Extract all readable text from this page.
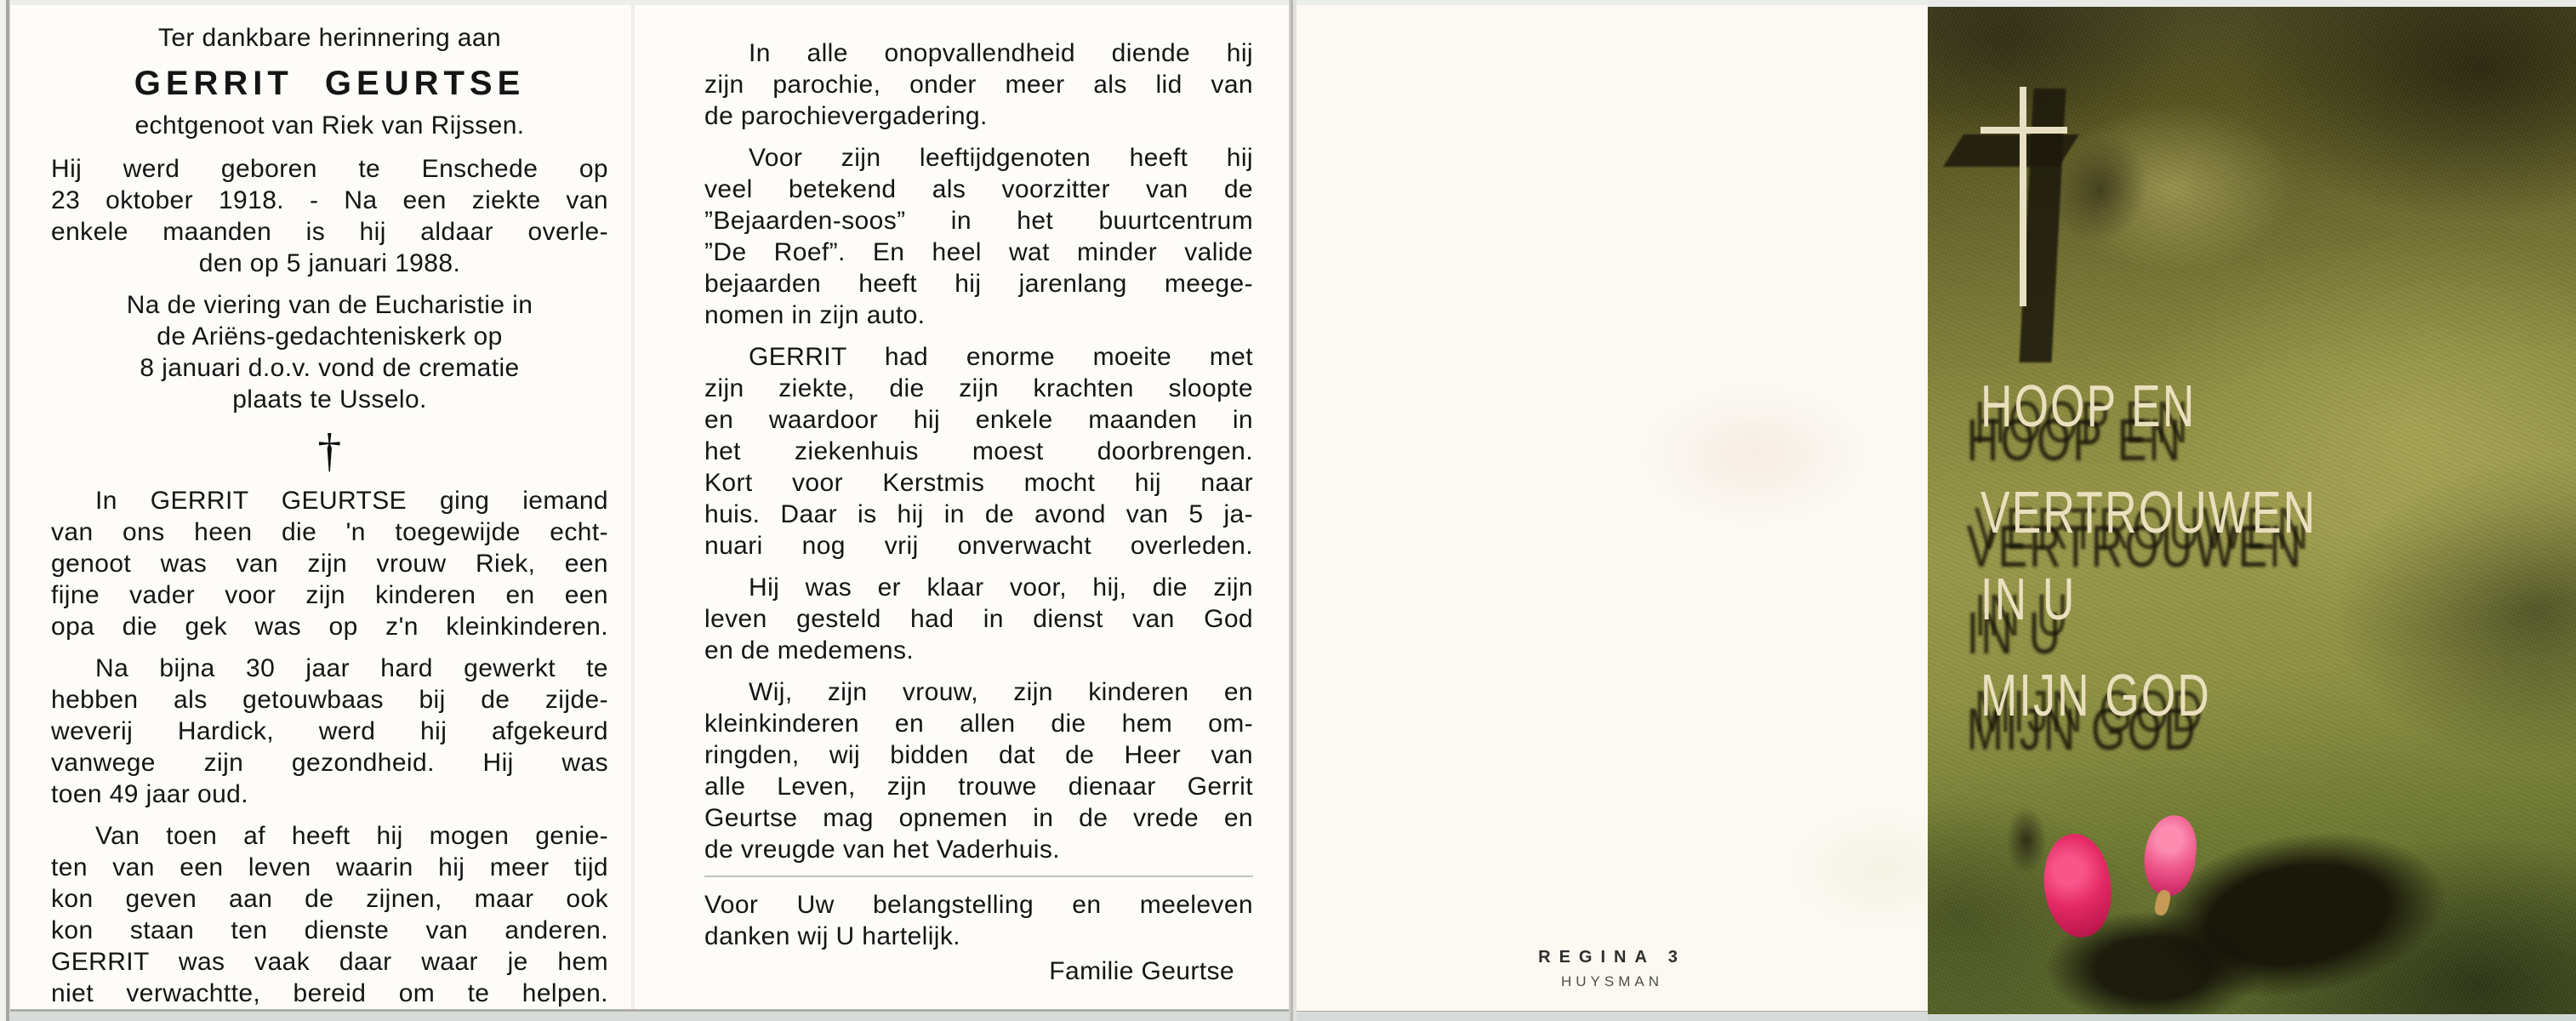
Ter dankbare herinnering aan
GERRIT GEURTSE
echtgenoot van Riek van Rijssen.
Hij werd geboren te Enschede op
23 oktober 1918. - Na een ziekte van
enkele maanden is hij aldaar overle-
den op 5 januari 1988.
Na de viering van de Eucharistie in
de Ariëns-gedachteniskerk op
8 januari d.o.v. vond de crematie
plaats te Usselo.
†
In GERRIT GEURTSE ging iemand
van ons heen die 'n toegewijde echt-
genoot was van zijn vrouw Riek, een
fijne vader voor zijn kinderen en een
opa die gek was op z'n kleinkinderen.
Na bijna 30 jaar hard gewerkt te
hebben als getouwbaas bij de zijde-
weverij Hardick, werd hij afgekeurd
vanwege zijn gezondheid. Hij was
toen 49 jaar oud.
Van toen af heeft hij mogen genie-
ten van een leven waarin hij meer tijd
kon geven aan de zijnen, maar ook
kon staan ten dienste van anderen.
GERRIT was vaak daar waar je hem
niet verwachtte, bereid om te helpen.
In alle onopvallendheid diende hij
zijn parochie, onder meer als lid van
de parochievergadering.
Voor zijn leeftijdgenoten heeft hij
veel betekend als voorzitter van de
”Bejaarden-soos” in het buurtcentrum
”De Roef”. En heel wat minder valide
bejaarden heeft hij jarenlang meege-
nomen in zijn auto.
GERRIT had enorme moeite met
zijn ziekte, die zijn krachten sloopte
en waardoor hij enkele maanden in
het ziekenhuis moest doorbrengen.
Kort voor Kerstmis mocht hij naar
huis. Daar is hij in de avond van 5 ja-
nuari nog vrij onverwacht overleden.
Hij was er klaar voor, hij, die zijn
leven gesteld had in dienst van God
en de medemens.
Wij, zijn vrouw, zijn kinderen en
kleinkinderen en allen die hem om-
ringden, wij bidden dat de Heer van
alle Leven, zijn trouwe dienaar Gerrit
Geurtse mag opnemen in de vrede en
de vreugde van het Vaderhuis.
Voor Uw belangstelling en meeleven
danken wij U hartelijk.
Familie Geurtse	REGINA 3
HUYSMAN
HOOP EN
VERTROUWEN
IN U
MIJN GOD
